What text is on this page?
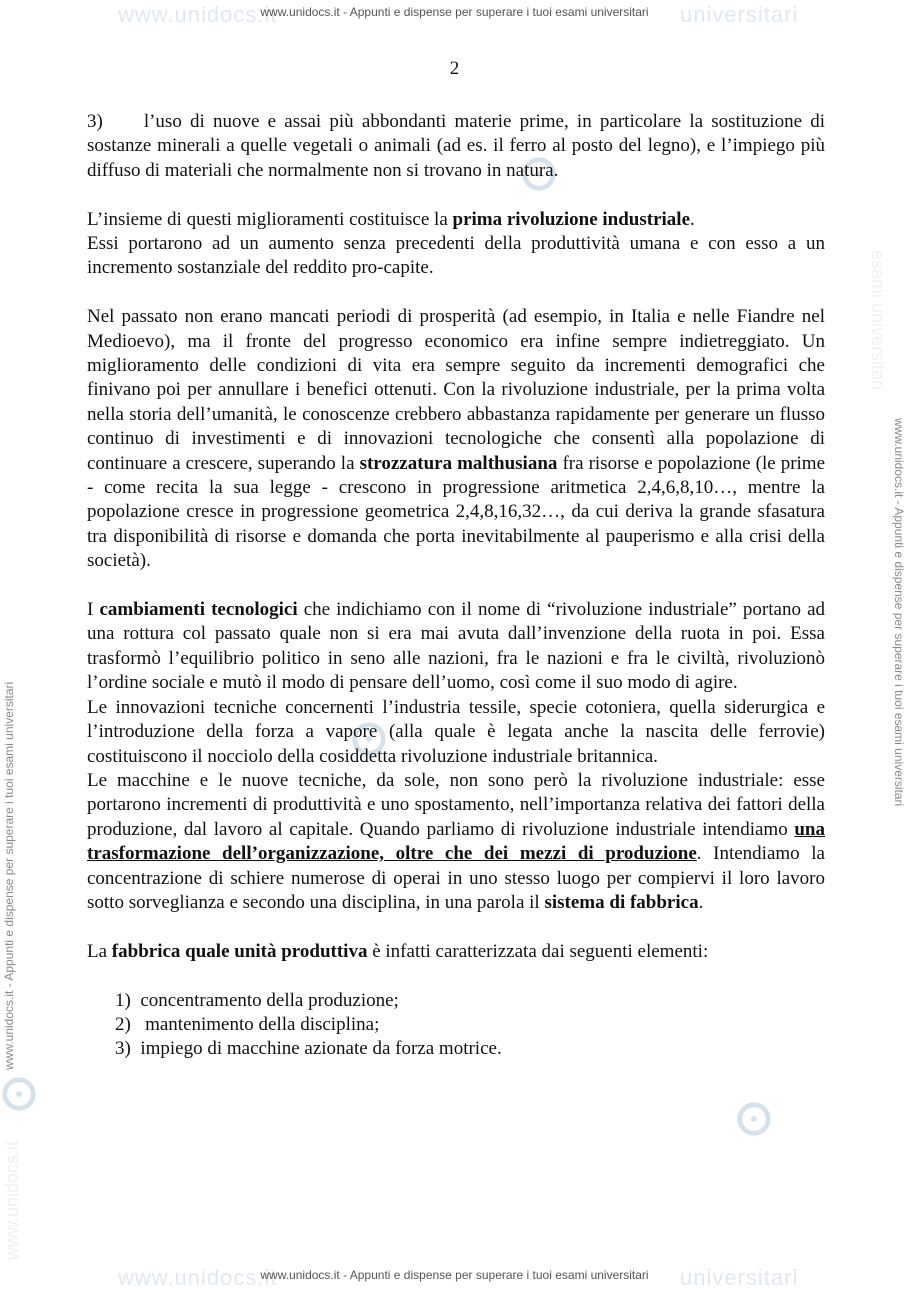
www.unidocs.it	universitari
www.unidocs.it	universitari
www.unidocs.it
esami universitari
www.unidocs.it - Appunti e dispense per superare i tuoi esami universitari
www.unidocs.it - Appunti e dispense per superare i tuoi esami universitari
www.unidocs.it - Appunti e dispense per superare i tuoi esami universitari
www.unidocs.it - Appunti e dispense per superare i tuoi esami universitari
2

3)     l’uso di nuove e assai più abbondanti materie prime, in particolare la sostituzione di sostanze minerali a quelle vegetali o animali (ad es. il ferro al posto del legno), e l’impiego più diffuso di materiali che normalmente non si trovano in natura.

L’insieme di questi miglioramenti costituisce la prima rivoluzione industriale.

Essi portarono ad un aumento senza precedenti della produttività umana e con esso a un incremento sostanziale del reddito pro-capite.

Nel passato non erano mancati periodi di prosperità (ad esempio, in Italia e nelle Fiandre nel Medioevo), ma il fronte del progresso economico era infine sempre indietreggiato. Un miglioramento delle condizioni di vita era sempre seguito da incrementi demografici che finivano poi per annullare i benefici ottenuti. Con la rivoluzione industriale, per la prima volta nella storia dell’umanità, le conoscenze crebbero abbastanza rapidamente per generare un flusso continuo di investimenti e di innovazioni tecnologiche che consentì alla popolazione di continuare a crescere, superando la strozzatura malthusiana fra risorse e popolazione (le prime - come recita la sua legge - crescono in progressione aritmetica 2,4,6,8,10…, mentre la popolazione cresce in progressione geometrica 2,4,8,16,32…, da cui deriva la grande sfasatura tra disponibilità di risorse e domanda che porta inevitabilmente al pauperismo e alla crisi della società).

I cambiamenti tecnologici che indichiamo con il nome di “rivoluzione industriale” portano ad una rottura col passato quale non si era mai avuta dall’invenzione della ruota in poi. Essa trasformò l’equilibrio politico in seno alle nazioni, fra le nazioni e fra le civiltà, rivoluzionò l’ordine sociale e mutò il modo di pensare dell’uomo, così come il suo modo di agire.

Le innovazioni tecniche concernenti l’industria tessile, specie cotoniera, quella siderurgica e l’introduzione della forza a vapore (alla quale è legata anche la nascita delle ferrovie) costituiscono il nocciolo della cosiddetta rivoluzione industriale britannica.

Le macchine e le nuove tecniche, da sole, non sono però la rivoluzione industriale: esse portarono incrementi di produttività e uno spostamento, nell’importanza relativa dei fattori della produzione, dal lavoro al capitale. Quando parliamo di rivoluzione industriale intendiamo una trasformazione dell’organizzazione, oltre che dei mezzi di produzione. Intendiamo la concentrazione di schiere numerose di operai in uno stesso luogo per compiervi il loro lavoro sotto sorveglianza e secondo una disciplina, in una parola il sistema di fabbrica.

La fabbrica quale unità produttiva è infatti caratterizzata dai seguenti elementi:

1)  concentramento della produzione;
2)   mantenimento della disciplina;
3)  impiego di macchine azionate da forza motrice.
